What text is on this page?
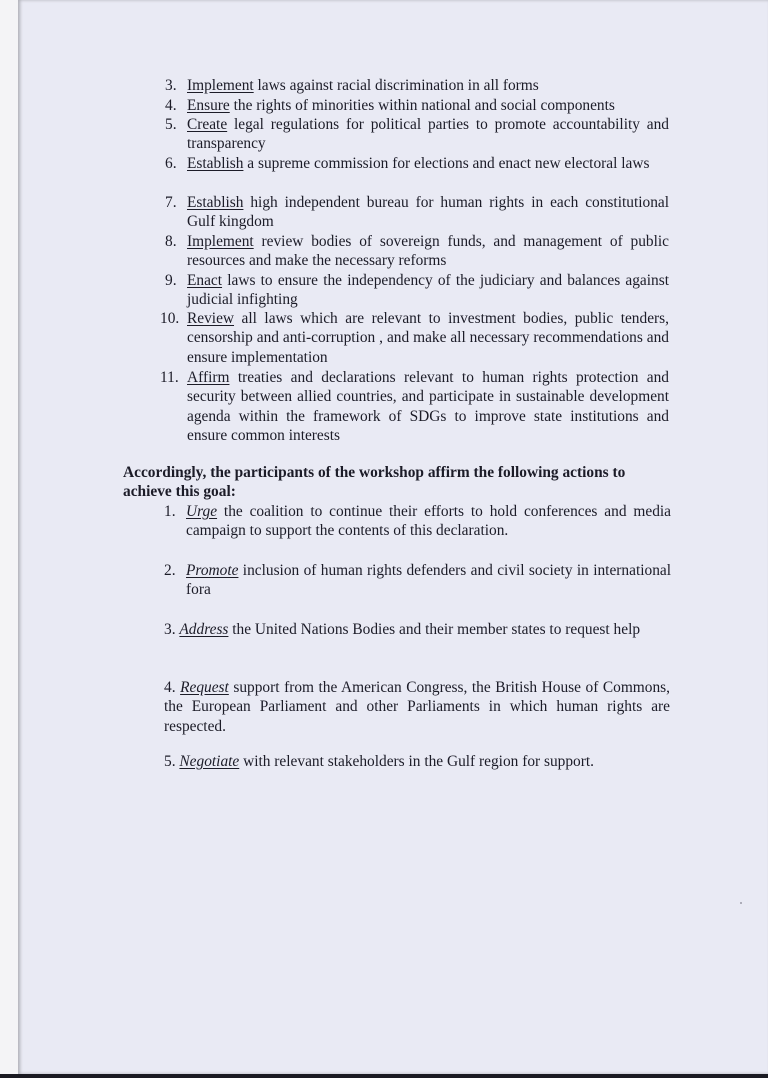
3. Implement laws against racial discrimination in all forms
4. Ensure the rights of minorities within national and social components
5. Create legal regulations for political parties to promote accountability and transparency
6. Establish a supreme commission for elections and enact new electoral laws
7. Establish high independent bureau for human rights in each constitutional Gulf kingdom
8. Implement review bodies of sovereign funds, and management of public resources and make the necessary reforms
9. Enact laws to ensure the independency of the judiciary and balances against judicial infighting
10. Review all laws which are relevant to investment bodies, public tenders, censorship and anti-corruption , and make all necessary recommendations and ensure implementation
11. Affirm treaties and declarations relevant to human rights protection and security between allied countries, and participate in sustainable development agenda within the framework of SDGs to improve state institutions and ensure common interests
Accordingly, the participants of the workshop affirm the following actions to achieve this goal:
1. Urge the coalition to continue their efforts to hold conferences and media campaign to support the contents of this declaration.
2. Promote inclusion of human rights defenders and civil society in international fora
3. Address the United Nations Bodies and their member states to request help
4. Request support from the American Congress, the British House of Commons, the European Parliament and other Parliaments in which human rights are respected.
5. Negotiate with relevant stakeholders in the Gulf region for support.
